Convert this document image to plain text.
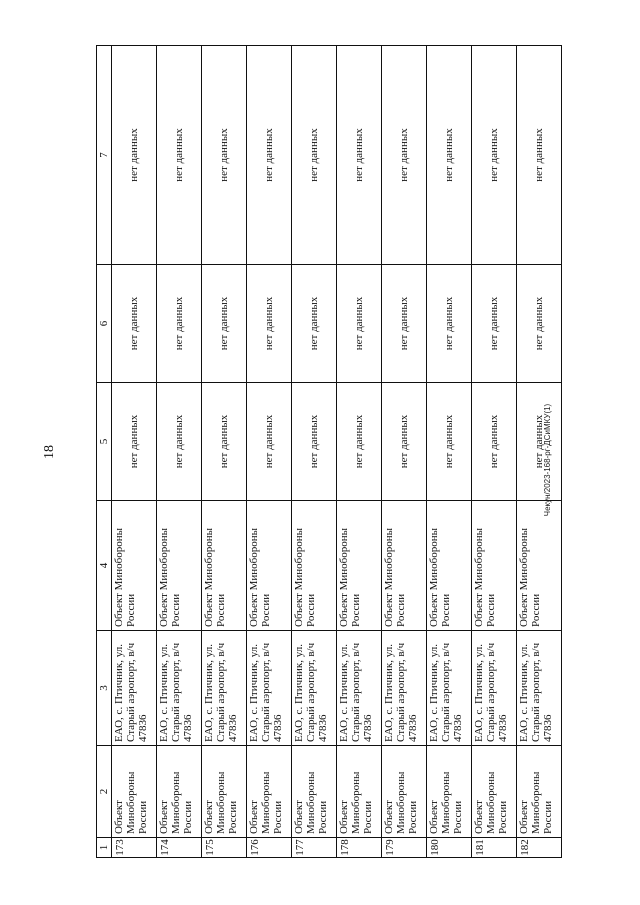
18	Чекун/2023-168-рг-ДСиМКУ(1)
1	2	3	4	5	6	7
173	Объект Минобороны России	ЕАО, с. Птичник, ул. Старый аэропорт, в/ч 47836	Объект Минобороны России	нет данных	нет данных	нет данных
174	Объект Минобороны России	ЕАО, с. Птичник, ул. Старый аэропорт, в/ч 47836	Объект Минобороны России	нет данных	нет данных	нет данных
175	Объект Минобороны России	ЕАО, с. Птичник, ул. Старый аэропорт, в/ч 47836	Объект Минобороны России	нет данных	нет данных	нет данных
176	Объект Минобороны России	ЕАО, с. Птичник, ул. Старый аэропорт, в/ч 47836	Объект Минобороны России	нет данных	нет данных	нет данных
177	Объект Минобороны России	ЕАО, с. Птичник, ул. Старый аэропорт, в/ч 47836	Объект Минобороны России	нет данных	нет данных	нет данных
178	Объект Минобороны России	ЕАО, с. Птичник, ул. Старый аэропорт, в/ч 47836	Объект Минобороны России	нет данных	нет данных	нет данных
179	Объект Минобороны России	ЕАО, с. Птичник, ул. Старый аэропорт, в/ч 47836	Объект Минобороны России	нет данных	нет данных	нет данных
180	Объект Минобороны России	ЕАО, с. Птичник, ул. Старый аэропорт, в/ч 47836	Объект Минобороны России	нет данных	нет данных	нет данных
181	Объект Минобороны России	ЕАО, с. Птичник, ул. Старый аэропорт, в/ч 47836	Объект Минобороны России	нет данных	нет данных	нет данных
182	Объект Минобороны России	ЕАО, с. Птичник, ул. Старый аэропорт, в/ч 47836	Объект Минобороны России	нет данных	нет данных	нет данных
